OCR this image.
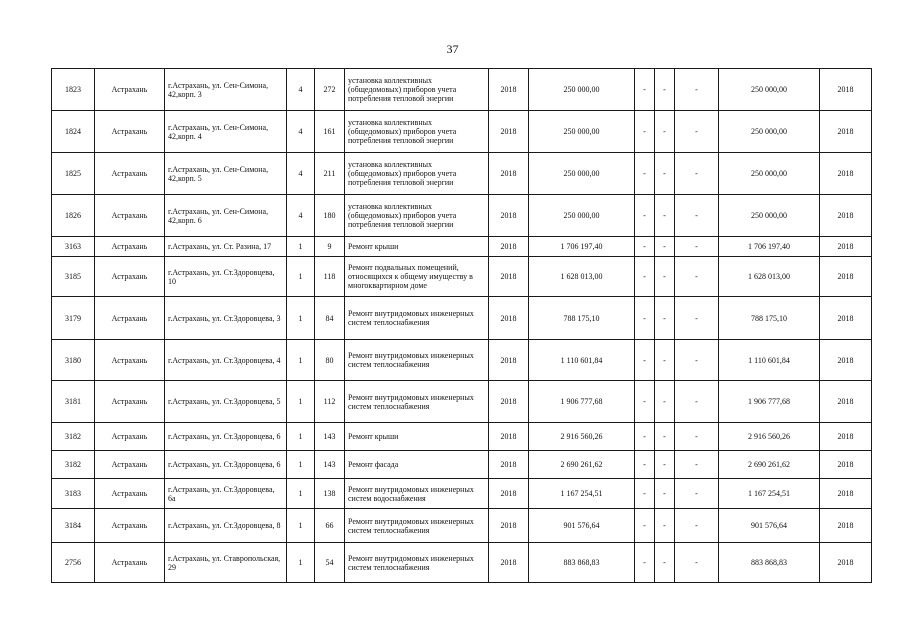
37
1823	Астрахань	г.Астрахань, ул. Сен-Симона, 42,корп. 3	4	272	установка коллективных (общедомовых) приборов учета потребления тепловой энергии	2018	250 000,00	-	-	-	250 000,00	2018
1824	Астрахань	г.Астрахань, ул. Сен-Симона, 42,корп. 4	4	161	установка коллективных (общедомовых) приборов учета потребления тепловой энергии	2018	250 000,00	-	-	-	250 000,00	2018
1825	Астрахань	г.Астрахань, ул. Сен-Симона, 42,корп. 5	4	211	установка коллективных (общедомовых) приборов учета потребления тепловой энергии	2018	250 000,00	-	-	-	250 000,00	2018
1826	Астрахань	г.Астрахань, ул. Сен-Симона, 42,корп. 6	4	180	установка коллективных (общедомовых) приборов учета потребления тепловой энергии	2018	250 000,00	-	-	-	250 000,00	2018
3163	Астрахань	г.Астрахань, ул. Ст. Разина, 17	1	9	Ремонт крыши	2018	1 706 197,40	-	-	-	1 706 197,40	2018
3185	Астрахань	г.Астрахань, ул. Ст.Здоровцева, 10	1	118	Ремонт подвальных помещений, относящихся к общему имуществу в многоквартирном доме	2018	1 628 013,00	-	-	-	1 628 013,00	2018
3179	Астрахань	г.Астрахань, ул. Ст.Здоровцева, 3	1	84	Ремонт внутридомовых инженерных систем теплоснабжения	2018	788 175,10	-	-	-	788 175,10	2018
3180	Астрахань	г.Астрахань, ул. Ст.Здоровцева, 4	1	80	Ремонт внутридомовых инженерных систем теплоснабжения	2018	1 110 601,84	-	-	-	1 110 601,84	2018
3181	Астрахань	г.Астрахань, ул. Ст.Здоровцева, 5	1	112	Ремонт внутридомовых инженерных систем теплоснабжения	2018	1 906 777,68	-	-	-	1 906 777,68	2018
3182	Астрахань	г.Астрахань, ул. Ст.Здоровцева, 6	1	143	Ремонт крыши	2018	2 916 560,26	-	-	-	2 916 560,26	2018
3182	Астрахань	г.Астрахань, ул. Ст.Здоровцева, 6	1	143	Ремонт фасада	2018	2 690 261,62	-	-	-	2 690 261,62	2018
3183	Астрахань	г.Астрахань, ул. Ст.Здоровцева, 6а	1	138	Ремонт внутридомовых инженерных систем водоснабжения	2018	1 167 254,51	-	-	-	1 167 254,51	2018
3184	Астрахань	г.Астрахань, ул. Ст.Здоровцева, 8	1	66	Ремонт внутридомовых инженерных систем теплоснабжения	2018	901 576,64	-	-	-	901 576,64	2018
2756	Астрахань	г.Астрахань, ул. Ставропольская, 29	1	54	Ремонт внутридомовых инженерных систем теплоснабжения	2018	883 868,83	-	-	-	883 868,83	2018
